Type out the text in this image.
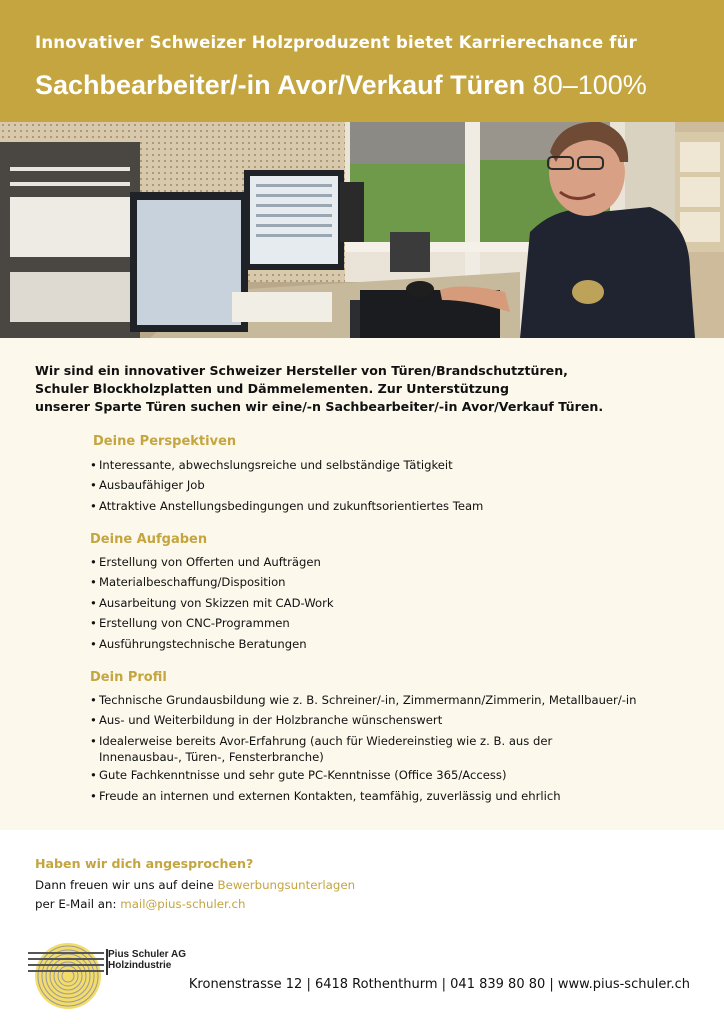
Innovativer Schweizer Holzproduzent bietet Karrierechance für
Sachbearbeiter/-in Avor/Verkauf Türen 80–100%
Wir sind ein innovativer Schweizer Hersteller von Türen/Brandschutztüren,
Schuler Blockholzplatten und Dämmelementen. Zur Unterstützung
unserer Sparte Türen suchen wir eine/-n Sachbearbeiter/-in Avor/Verkauf Türen.
Deine Perspektiven
• Interessante, abwechslungsreiche und selbständige Tätigkeit
• Ausbaufähiger Job
• Attraktive Anstellungsbedingungen und zukunftsorientiertes Team
Deine Aufgaben
• Erstellung von Offerten und Aufträgen
• Materialbeschaffung/Disposition
• Ausarbeitung von Skizzen mit CAD-Work
• Erstellung von CNC-Programmen
• Ausführungstechnische Beratungen
Dein Profil
• Technische Grundausbildung wie z. B. Schreiner/-in, Zimmermann/Zimmerin, Metallbauer/-in
• Aus- und Weiterbildung in der Holzbranche wünschenswert
• Idealerweise bereits Avor-Erfahrung (auch für Wiedereinstieg wie z. B. aus der
Innenausbau-, Türen-, Fensterbranche)
• Gute Fachkenntnisse und sehr gute PC-Kenntnisse (Office 365/Access)
• Freude an internen und externen Kontakten, teamfähig, zuverlässig und ehrlich
Haben wir dich angesprochen?
Dann freuen wir uns auf deine Bewerbungsunterlagen
per E-Mail an: mail@pius-schuler.ch
Pius Schuler AG
Holzindustrie
Kronenstrasse 12 | 6418 Rothenthurm | 041 839 80 80 | www.pius-schuler.ch
